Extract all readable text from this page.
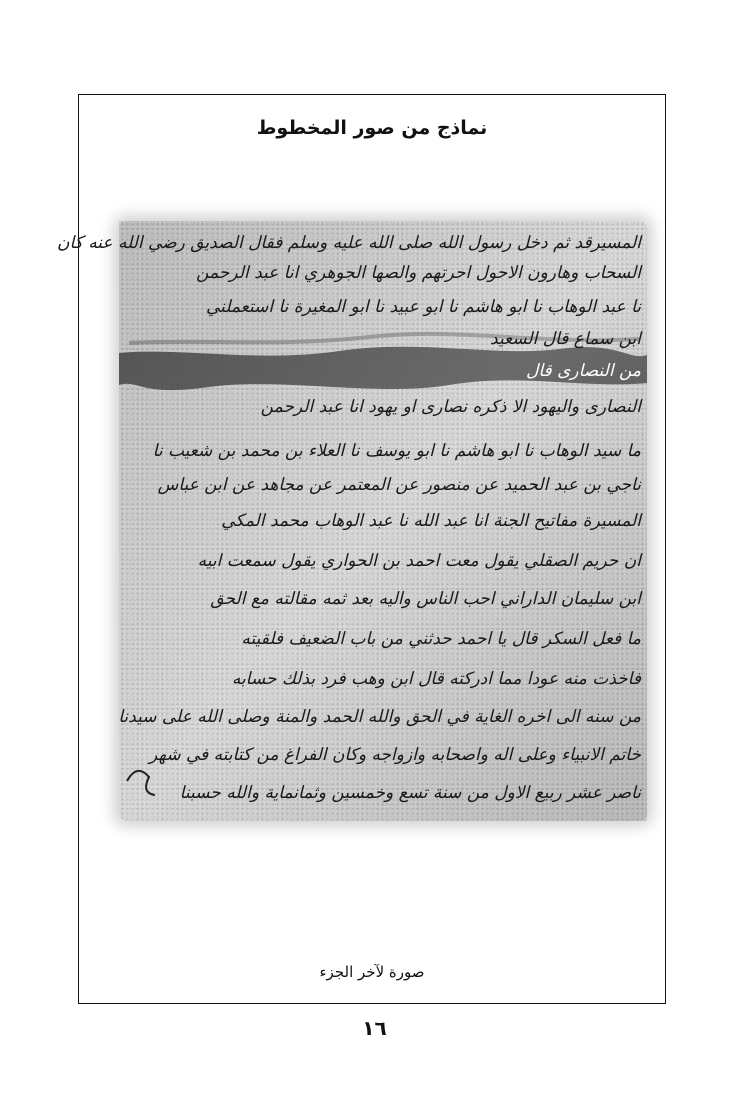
نماذج من صور المخطوط
المسيرقد ثم دخل رسول الله صلى الله عليه وسلم فقال الصديق رضي الله عنه كان
السحاب وهارون الاحول احرتهم والصها الجوهري انا عبد الرحمن
نا عبد الوهاب نا ابو هاشم نا ابو عبيد نا ابو المغيرة نا استعملني
ابن سماع قال السعيد
من النصارى قال
النصارى واليهود الا ذكره نصارى او يهود انا عبد الرحمن
ما سيد الوهاب نا ابو هاشم نا ابو يوسف نا العلاء بن محمد بن شعيب نا
ناجي بن عبد الحميد عن منصور عن المعتمر عن مجاهد عن ابن عباس
المسيرة مفاتيح الجنة انا عبد الله نا عبد الوهاب محمد المكي
ان حريم الصقلي يقول معت احمد بن الحواري يقول سمعت ابيه
ابن سليمان الداراني احب الناس واليه بعد ثمه مقالته مع الحق
ما فعل السكر قال يا احمد حدثني من باب الضعيف فلقيته
فاخذت منه عودا مما ادركته قال ابن وهب فرد بذلك حسابه
من سنه الى اخره الغاية في الحق والله الحمد والمنة وصلى الله على سيدنا
خاتم الانبياء وعلى اله واصحابه وازواجه وكان الفراغ من كتابته في شهر
ناصر عشر ربيع الاول من سنة تسع وخمسين وثمانماية والله حسبنا
صورة لآخر الجزء
١٦
